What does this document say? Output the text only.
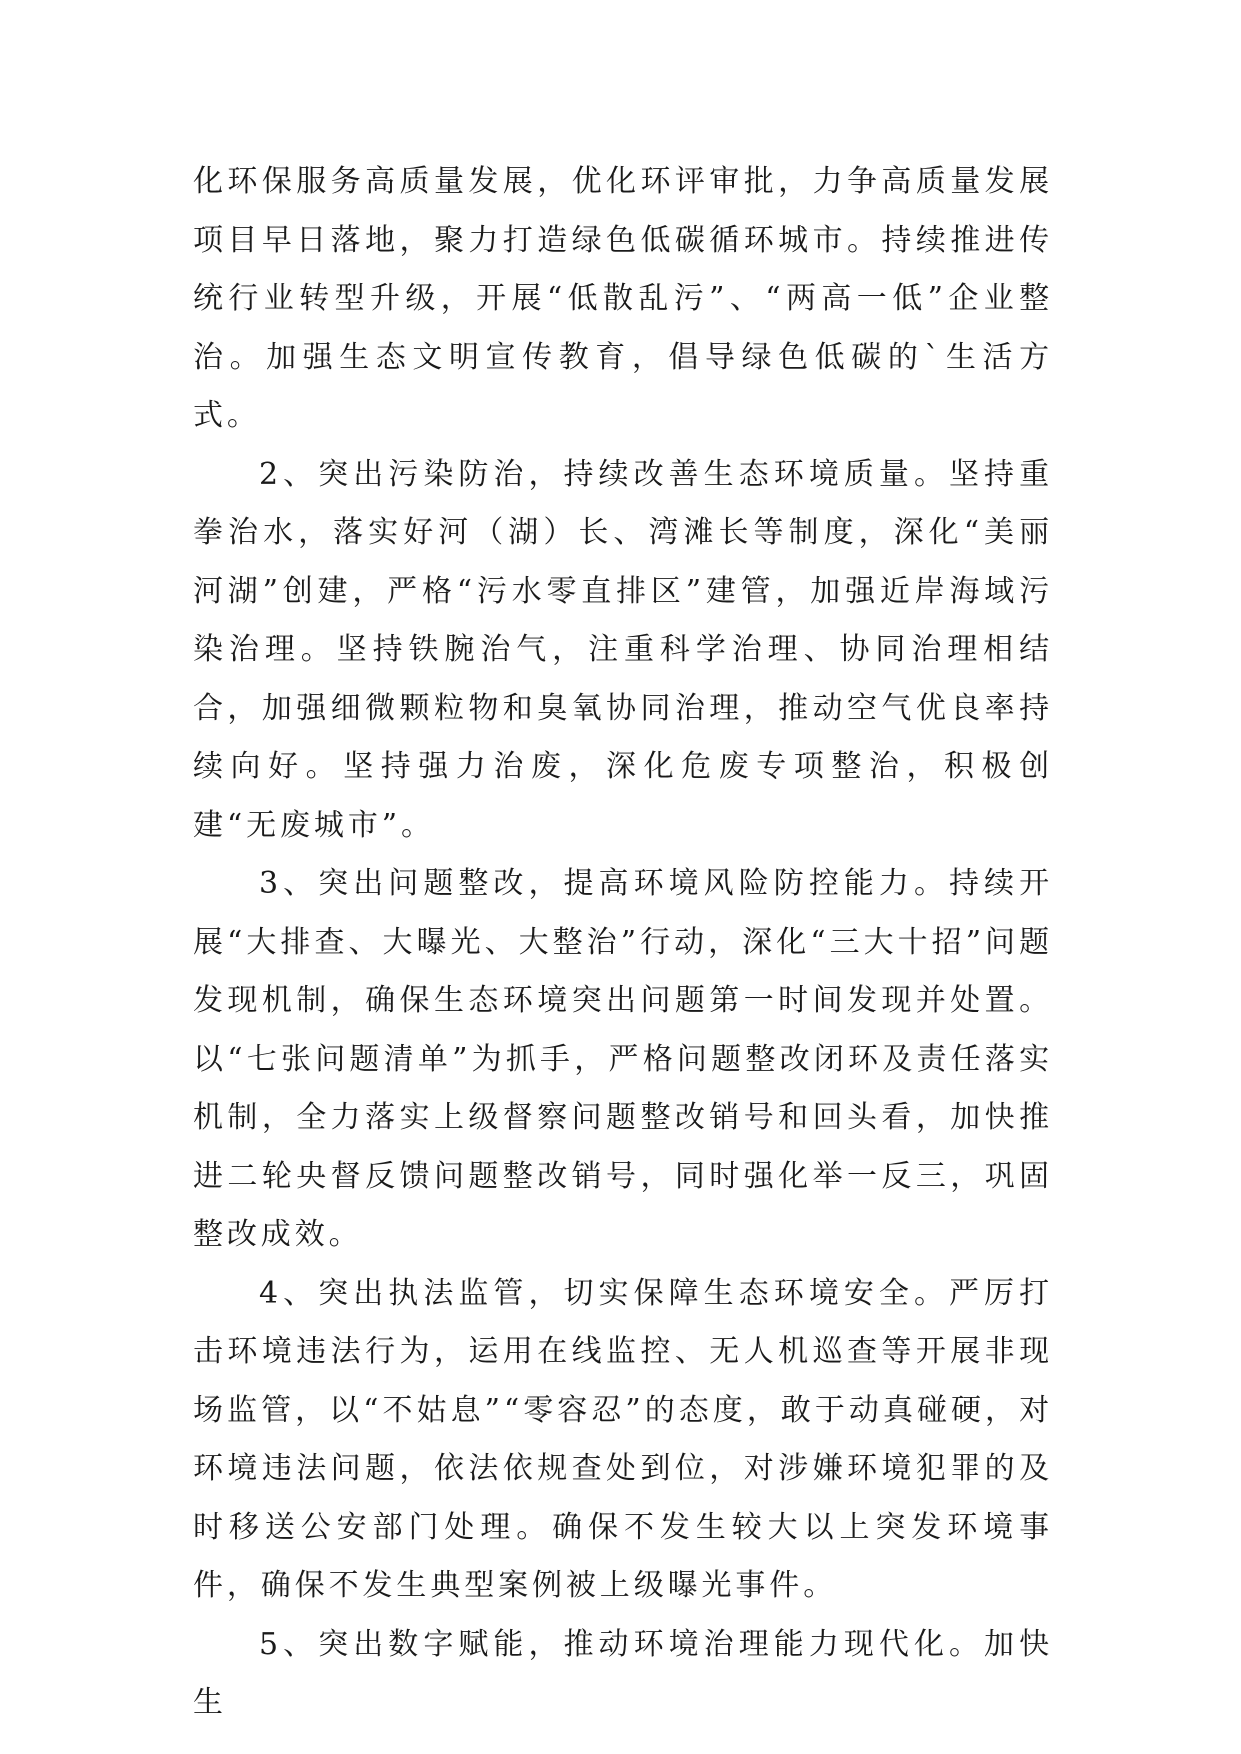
化环保服务高质量发展，优化环评审批，力争高质量发展项目早日落地，聚力打造绿色低碳循环城市。持续推进传统行业转型升级，开展“低散乱污”、“两高一低”企业整治。加强生态文明宣传教育，倡导绿色低碳的`生活方式。

2、突出污染防治，持续改善生态环境质量。坚持重拳治水，落实好河（湖）长、湾滩长等制度，深化“美丽河湖”创建，严格“污水零直排区”建管，加强近岸海域污染治理。坚持铁腕治气，注重科学治理、协同治理相结合，加强细微颗粒物和臭氧协同治理，推动空气优良率持续向好。坚持强力治废，深化危废专项整治，积极创建“无废城市”。

3、突出问题整改，提高环境风险防控能力。持续开展“大排查、大曝光、大整治”行动，深化“三大十招”问题发现机制，确保生态环境突出问题第一时间发现并处置。以“七张问题清单”为抓手，严格问题整改闭环及责任落实机制，全力落实上级督察问题整改销号和回头看，加快推进二轮央督反馈问题整改销号，同时强化举一反三，巩固整改成效。

4、突出执法监管，切实保障生态环境安全。严厉打击环境违法行为，运用在线监控、无人机巡查等开展非现场监管，以“不姑息”“零容忍”的态度，敢于动真碰硬，对环境违法问题，依法依规查处到位，对涉嫌环境犯罪的及时移送公安部门处理。确保不发生较大以上突发环境事件，确保不发生典型案例被上级曝光事件。

5、突出数字赋能，推动环境治理能力现代化。加快生
